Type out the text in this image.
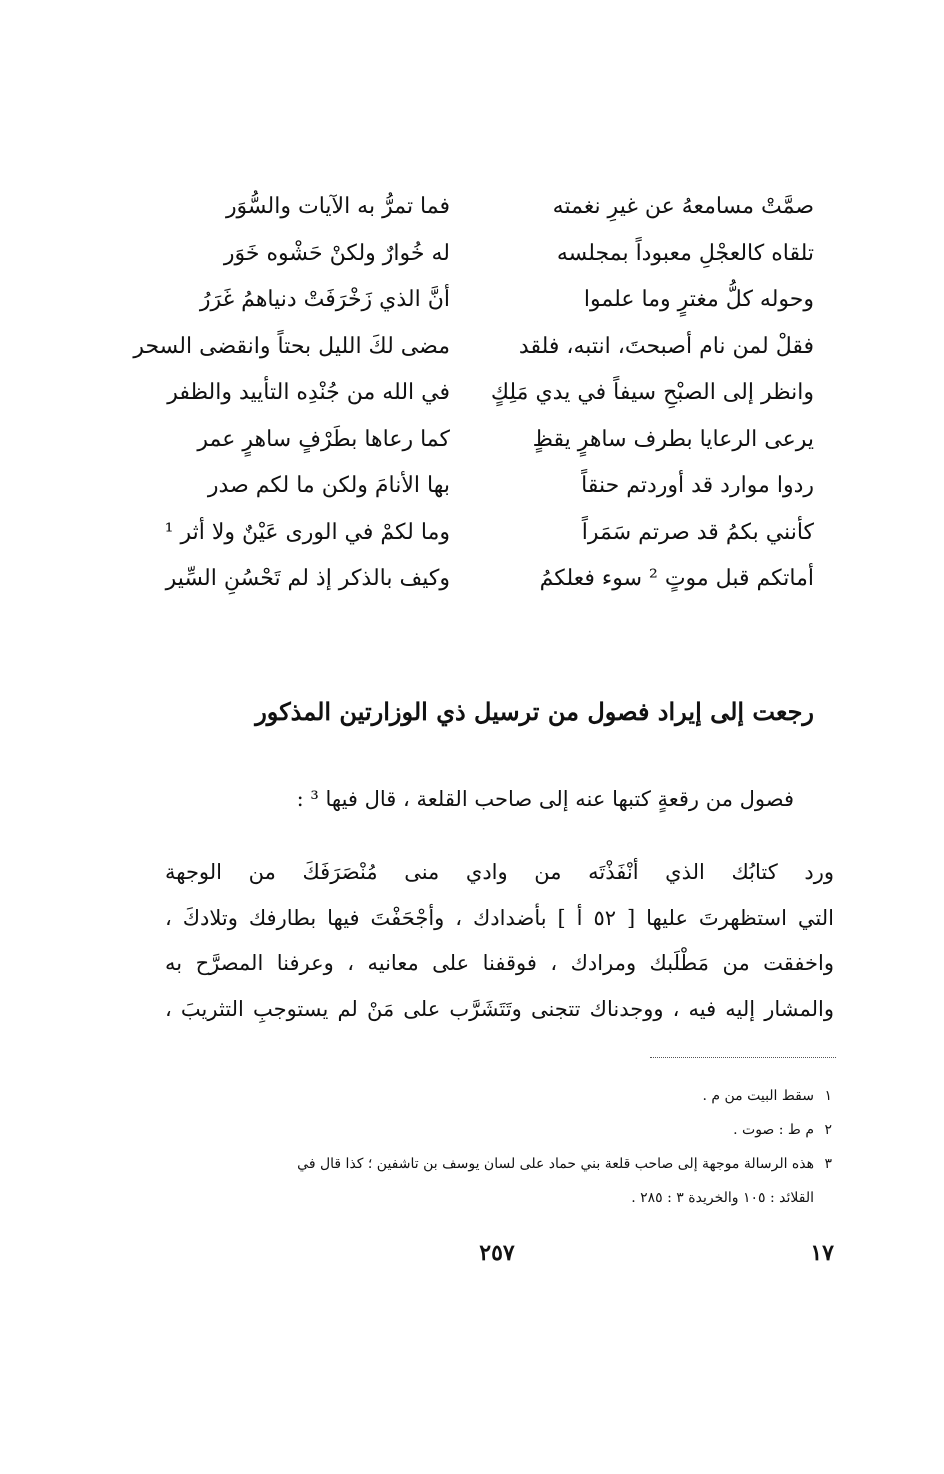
صمَّتْ مسامعهُ عن غيرِ نغمته
فما تمرُّ به الآيات والسُّوَر
تلقاه كالعجْلِ معبوداً بمجلسه
له خُوارٌ ولكنْ حَشْوه خَوَر
وحوله كلُّ مغترٍ وما علموا
أنَّ الذي زَخْرَفَتْ دنياهمُ غَرَرُ
فقلْ لمن نام أصبحتَ، انتبه، فلقد
مضى لكَ الليل بحتاً وانقضى السحر
وانظر إلى الصبْحِ سيفاً في يدي مَلِكٍ
في الله من جُنْدِه التأييد والظفر
يرعى الرعايا بطرف ساهرٍ يقظٍ
كما رعاها بطَرْفٍ ساهرٍ عمر
ردوا موارد قد أوردتم حنقاً
بها الأنامَ ولكن ما لكم صدر
كأنني بكمُ قد صرتم سَمَراً
وما لكمْ في الورى عَيْنٌ ولا أثر ¹
أماتكم قبل موتٍ ² سوء فعلكمُ
وكيف بالذكر إذ لم تَحْسُنِ السِّير
رجعت إلى إيراد فصول من ترسيل ذي الوزارتين المذكور
فصول من رقعةٍ كتبها عنه إلى صاحب القلعة ، قال فيها ³ :
ورد كتابُك الذي أنْفَذْتَه من وادي منى مُنْصَرَفَكَ من الوجهة
التي استظهرتَ عليها [ ٥٢ أ ] بأضدادك ، وأجْحَفْتَ فيها بطارفك وتلادكَ ،
واخفقت من مَطْلَبك ومرادك ، فوقفنا على معانيه ، وعرفنا المصرَّح به
والمشار إليه فيه ، ووجدناك تتجنى وتَتَشَرَّب على مَنْ لم يستوجبِ التثريبَ ،
١سقط البيت من م .
٢م ط : صوت .
٣هذه الرسالة موجهة إلى صاحب قلعة بني حماد على لسان يوسف بن تاشفين ؛ كذا قال في
القلائد : ١٠٥ والخريدة ٣ : ٢٨٥ .
٢٥٧	١٧
